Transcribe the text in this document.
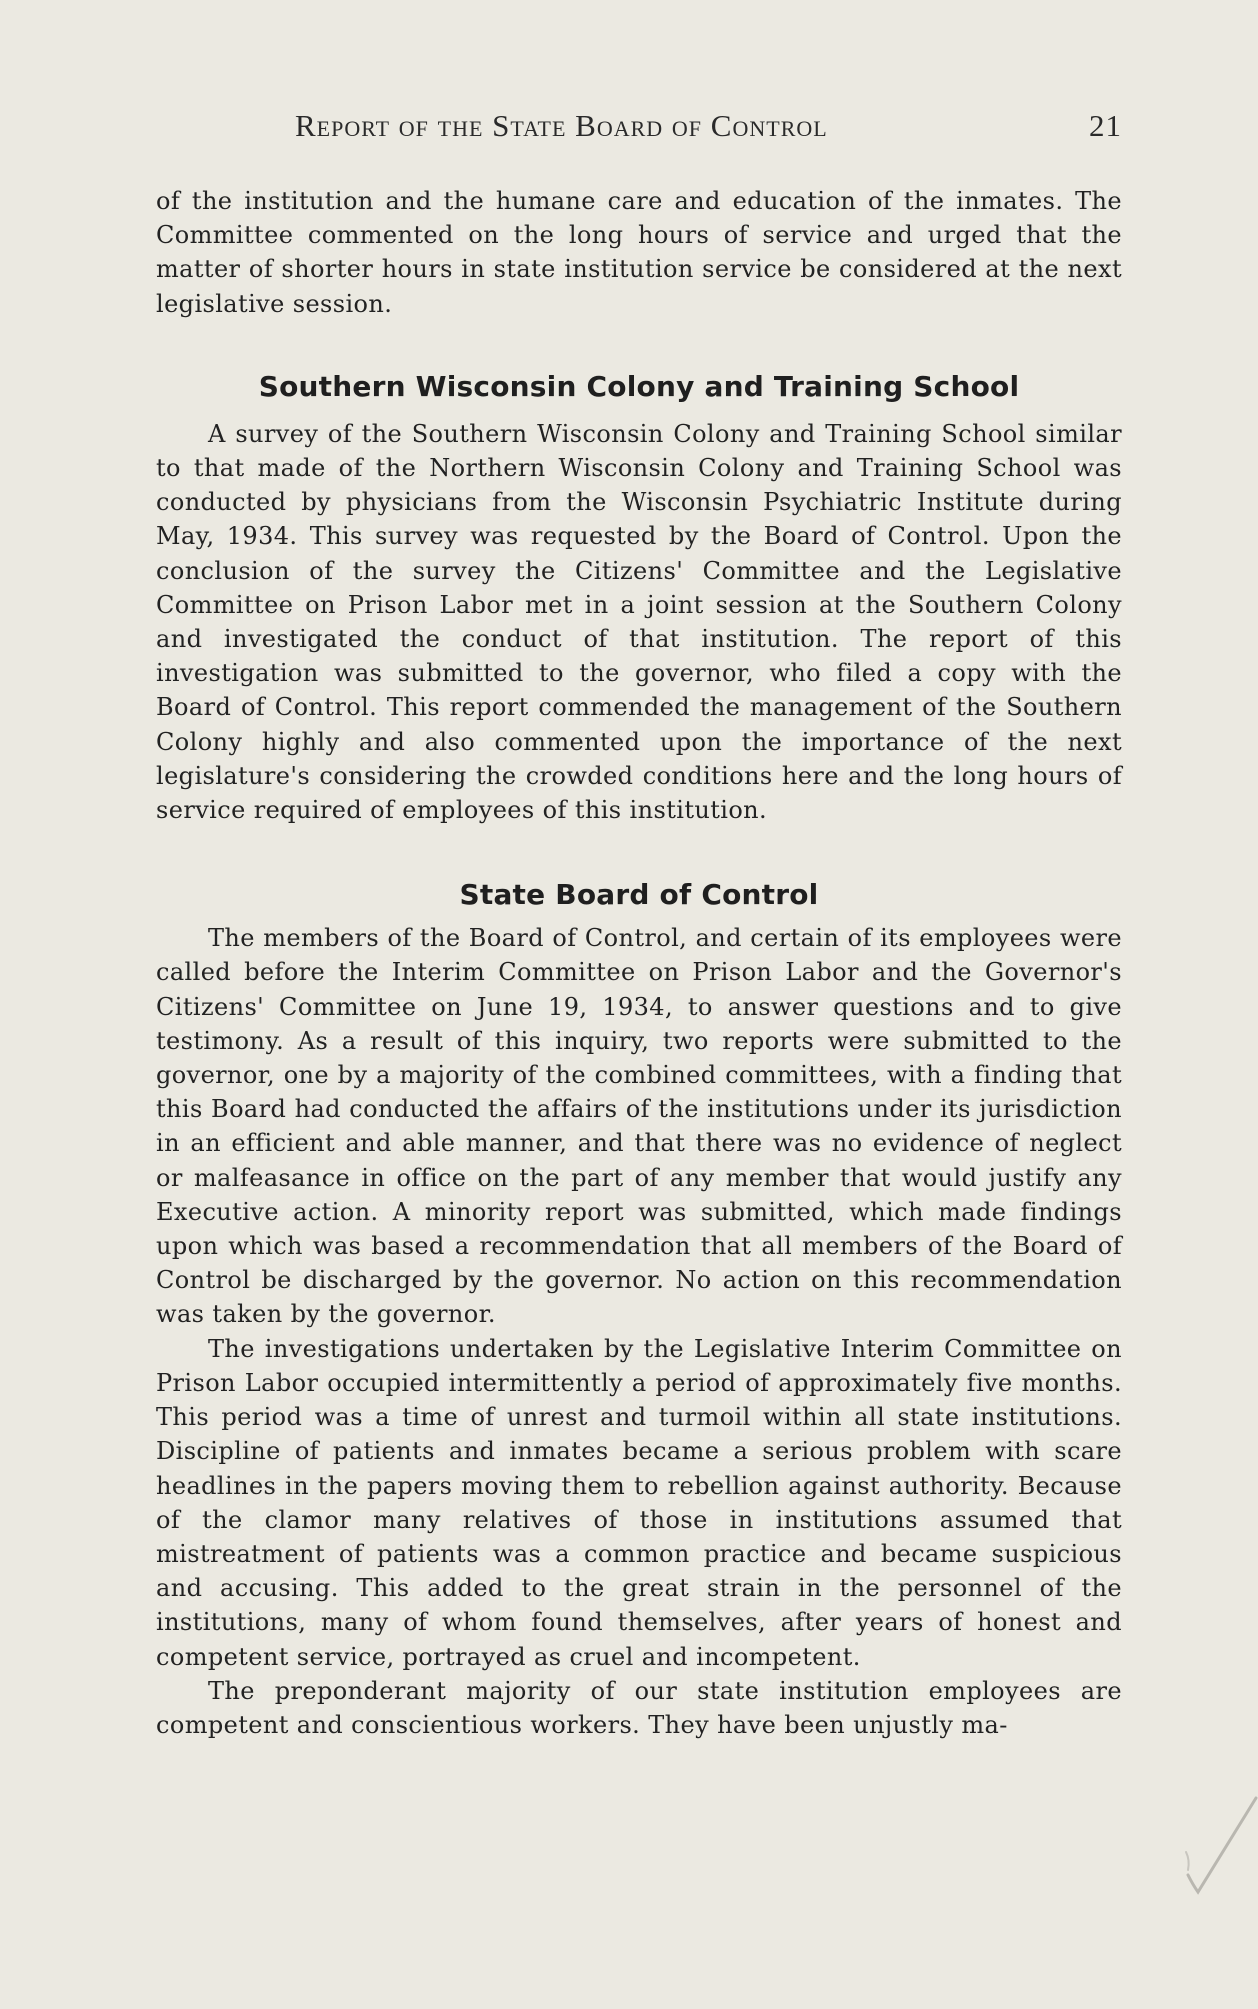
Report of the State Board of Control	21

of the institution and the humane care and education of the inmates. The Committee commented on the long hours of service and urged that the matter of shorter hours in state institution service be considered at the next legislative session.

Southern Wisconsin Colony and Training School

A survey of the Southern Wisconsin Colony and Training School similar to that made of the Northern Wisconsin Colony and Training School was conducted by physicians from the Wisconsin Psychiatric Institute during May, 1934. This survey was requested by the Board of Control. Upon the conclusion of the survey the Citizens' Committee and the Legislative Committee on Prison Labor met in a joint session at the Southern Colony and investigated the conduct of that institution. The report of this investigation was submitted to the governor, who filed a copy with the Board of Control. This report commended the management of the Southern Colony highly and also commented upon the importance of the next legislature's considering the crowded conditions here and the long hours of service required of employees of this institution.

State Board of Control

The members of the Board of Control, and certain of its employees were called before the Interim Committee on Prison Labor and the Governor's Citizens' Committee on June 19, 1934, to answer questions and to give testimony. As a result of this inquiry, two reports were submitted to the governor, one by a majority of the combined committees, with a finding that this Board had conducted the affairs of the institutions under its jurisdiction in an efficient and able manner, and that there was no evidence of neglect or malfeasance in office on the part of any member that would justify any Executive action. A minority report was submitted, which made findings upon which was based a recommendation that all members of the Board of Control be discharged by the governor. No action on this recommendation was taken by the governor.

The investigations undertaken by the Legislative Interim Committee on Prison Labor occupied intermittently a period of approximately five months. This period was a time of unrest and turmoil within all state institutions. Discipline of patients and inmates became a serious problem with scare headlines in the papers moving them to rebellion against authority. Because of the clamor many relatives of those in institutions assumed that mistreatment of patients was a common practice and became suspicious and accusing. This added to the great strain in the personnel of the institutions, many of whom found themselves, after years of honest and competent service, portrayed as cruel and incompetent.

The preponderant majority of our state institution employees are competent and conscientious workers. They have been unjustly ma-
